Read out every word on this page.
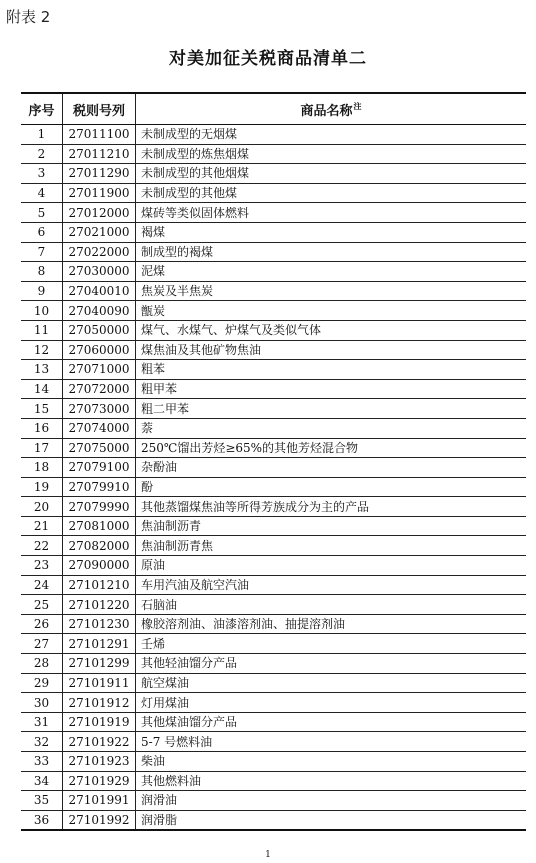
附表 2
对美加征关税商品清单二
序号	税则号列	商品名称$^注$
1	27011100	未制成型的无烟煤
2	27011210	未制成型的炼焦烟煤
3	27011290	未制成型的其他烟煤
4	27011900	未制成型的其他煤
5	27012000	煤砖等类似固体燃料
6	27021000	褐煤
7	27022000	制成型的褐煤
8	27030000	泥煤
9	27040010	焦炭及半焦炭
10	27040090	甑炭
11	27050000	煤气、水煤气、炉煤气及类似气体
12	27060000	煤焦油及其他矿物焦油
13	27071000	粗苯
14	27072000	粗甲苯
15	27073000	粗二甲苯
16	27074000	萘
17	27075000	250℃馏出芳烃≥65%的其他芳烃混合物
18	27079100	杂酚油
19	27079910	酚
20	27079990	其他蒸馏煤焦油等所得芳族成分为主的产品
21	27081000	焦油制沥青
22	27082000	焦油制沥青焦
23	27090000	原油
24	27101210	车用汽油及航空汽油
25	27101220	石脑油
26	27101230	橡胶溶剂油、油漆溶剂油、抽提溶剂油
27	27101291	壬烯
28	27101299	其他轻油馏分产品
29	27101911	航空煤油
30	27101912	灯用煤油
31	27101919	其他煤油馏分产品
32	27101922	5-7 号燃料油
33	27101923	柴油
34	27101929	其他燃料油
35	27101991	润滑油
36	27101992	润滑脂
1
